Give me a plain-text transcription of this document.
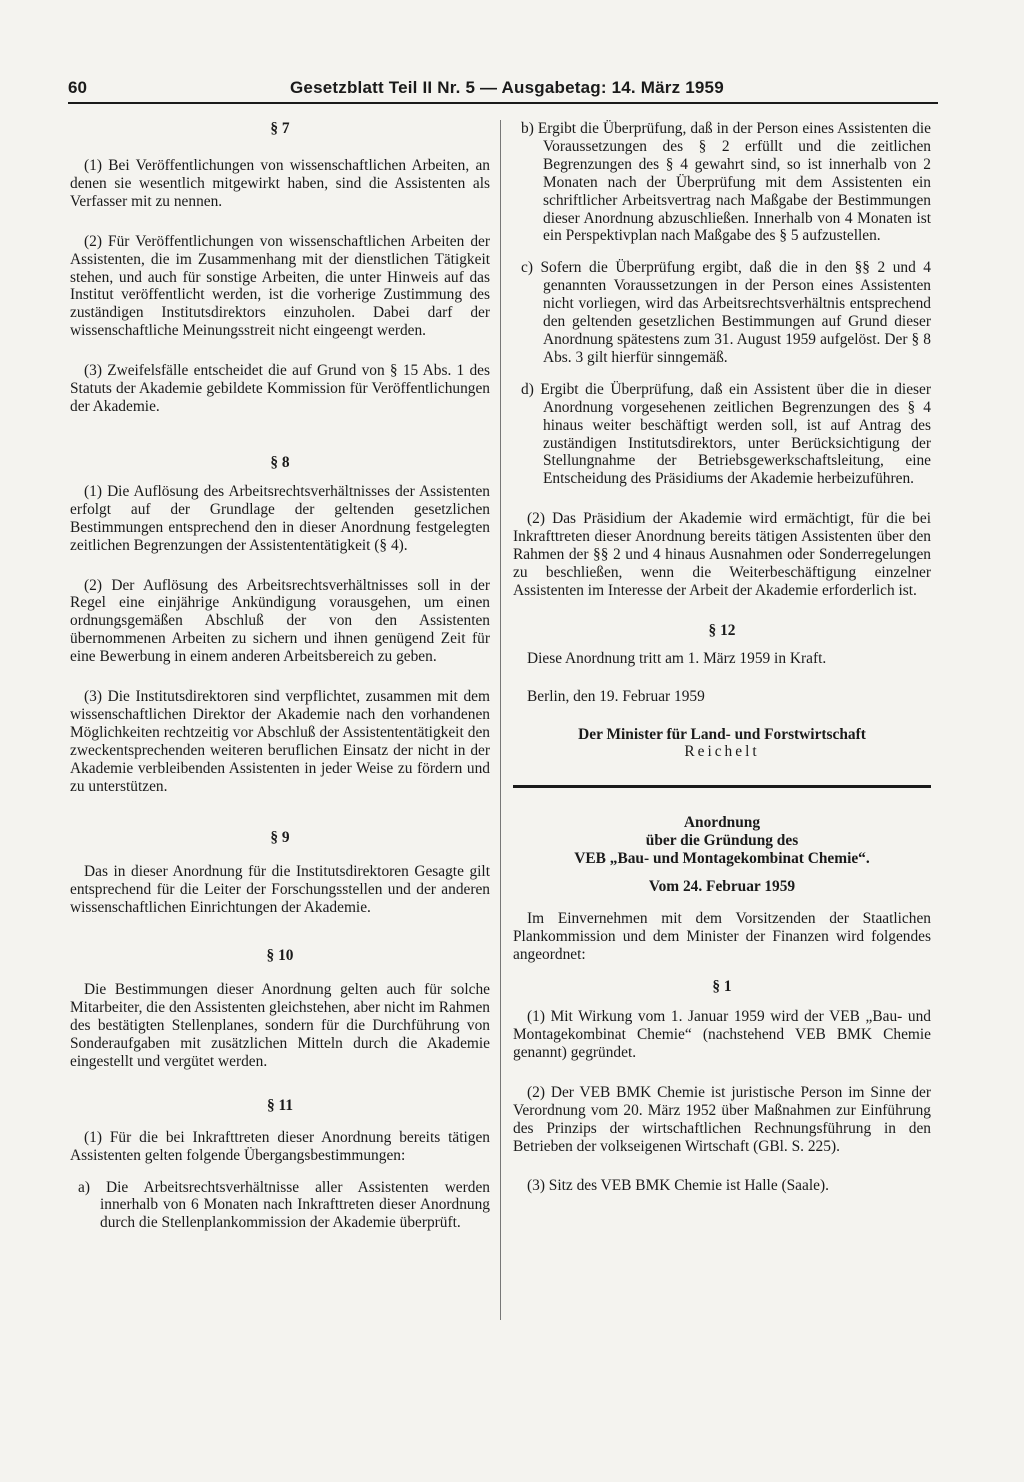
60	Gesetzblatt Teil II Nr. 5 — Ausgabetag: 14. März 1959

§ 7

(1) Bei Veröffentlichungen von wissenschaftlichen Arbeiten, an denen sie wesentlich mitgewirkt haben, sind die Assistenten als Verfasser mit zu nennen.

(2) Für Veröffentlichungen von wissenschaftlichen Arbeiten der Assistenten, die im Zusammenhang mit der dienstlichen Tätigkeit stehen, und auch für sonstige Arbeiten, die unter Hinweis auf das Institut veröffentlicht werden, ist die vorherige Zustimmung des zuständigen Institutsdirektors einzuholen. Dabei darf der wissenschaftliche Meinungsstreit nicht eingeengt werden.

(3) Zweifelsfälle entscheidet die auf Grund von § 15 Abs. 1 des Statuts der Akademie gebildete Kommission für Veröffentlichungen der Akademie.

§ 8

(1) Die Auflösung des Arbeitsrechtsverhältnisses der Assistenten erfolgt auf der Grundlage der geltenden gesetzlichen Bestimmungen entsprechend den in dieser Anordnung festgelegten zeitlichen Begrenzungen der Assistententätigkeit (§ 4).

(2) Der Auflösung des Arbeitsrechtsverhältnisses soll in der Regel eine einjährige Ankündigung vorausgehen, um einen ordnungsgemäßen Abschluß der von den Assistenten übernommenen Arbeiten zu sichern und ihnen genügend Zeit für eine Bewerbung in einem anderen Arbeitsbereich zu geben.

(3) Die Institutsdirektoren sind verpflichtet, zusammen mit dem wissenschaftlichen Direktor der Akademie nach den vorhandenen Möglichkeiten rechtzeitig vor Abschluß der Assistententätigkeit den zweckentsprechenden weiteren beruflichen Einsatz der nicht in der Akademie verbleibenden Assistenten in jeder Weise zu fördern und zu unterstützen.

§ 9

Das in dieser Anordnung für die Institutsdirektoren Gesagte gilt entsprechend für die Leiter der Forschungsstellen und der anderen wissenschaftlichen Einrichtungen der Akademie.

§ 10

Die Bestimmungen dieser Anordnung gelten auch für solche Mitarbeiter, die den Assistenten gleichstehen, aber nicht im Rahmen des bestätigten Stellenplanes, sondern für die Durchführung von Sonderaufgaben mit zusätzlichen Mitteln durch die Akademie eingestellt und vergütet werden.

§ 11

(1) Für die bei Inkrafttreten dieser Anordnung bereits tätigen Assistenten gelten folgende Übergangsbestimmungen:

a) Die Arbeitsrechtsverhältnisse aller Assistenten werden innerhalb von 6 Monaten nach Inkrafttreten dieser Anordnung durch die Stellenplankommission der Akademie überprüft.

b) Ergibt die Überprüfung, daß in der Person eines Assistenten die Voraussetzungen des § 2 erfüllt und die zeitlichen Begrenzungen des § 4 gewahrt sind, so ist innerhalb von 2 Monaten nach der Überprüfung mit dem Assistenten ein schriftlicher Arbeitsvertrag nach Maßgabe der Bestimmungen dieser Anordnung abzuschließen. Innerhalb von 4 Monaten ist ein Perspektivplan nach Maßgabe des § 5 aufzustellen.

c) Sofern die Überprüfung ergibt, daß die in den §§ 2 und 4 genannten Voraussetzungen in der Person eines Assistenten nicht vorliegen, wird das Arbeitsrechtsverhältnis entsprechend den geltenden gesetzlichen Bestimmungen auf Grund dieser Anordnung spätestens zum 31. August 1959 aufgelöst. Der § 8 Abs. 3 gilt hierfür sinngemäß.

d) Ergibt die Überprüfung, daß ein Assistent über die in dieser Anordnung vorgesehenen zeitlichen Begrenzungen des § 4 hinaus weiter beschäftigt werden soll, ist auf Antrag des zuständigen Institutsdirektors, unter Berücksichtigung der Stellungnahme der Betriebsgewerkschaftsleitung, eine Entscheidung des Präsidiums der Akademie herbeizuführen.

(2) Das Präsidium der Akademie wird ermächtigt, für die bei Inkrafttreten dieser Anordnung bereits tätigen Assistenten über den Rahmen der §§ 2 und 4 hinaus Ausnahmen oder Sonderregelungen zu beschließen, wenn die Weiterbeschäftigung einzelner Assistenten im Interesse der Arbeit der Akademie erforderlich ist.

§ 12

Diese Anordnung tritt am 1. März 1959 in Kraft.

Berlin, den 19. Februar 1959

Der Minister für Land- und Forstwirtschaft

Reichelt

Anordnung

über die Gründung des

VEB „Bau- und Montagekombinat Chemie“.

Vom 24. Februar 1959

Im Einvernehmen mit dem Vorsitzenden der Staatlichen Plankommission und dem Minister der Finanzen wird folgendes angeordnet:

§ 1

(1) Mit Wirkung vom 1. Januar 1959 wird der VEB „Bau- und Montagekombinat Chemie“ (nachstehend VEB BMK Chemie genannt) gegründet.

(2) Der VEB BMK Chemie ist juristische Person im Sinne der Verordnung vom 20. März 1952 über Maßnahmen zur Einführung des Prinzips der wirtschaftlichen Rechnungsführung in den Betrieben der volkseigenen Wirtschaft (GBl. S. 225).

(3) Sitz des VEB BMK Chemie ist Halle (Saale).
